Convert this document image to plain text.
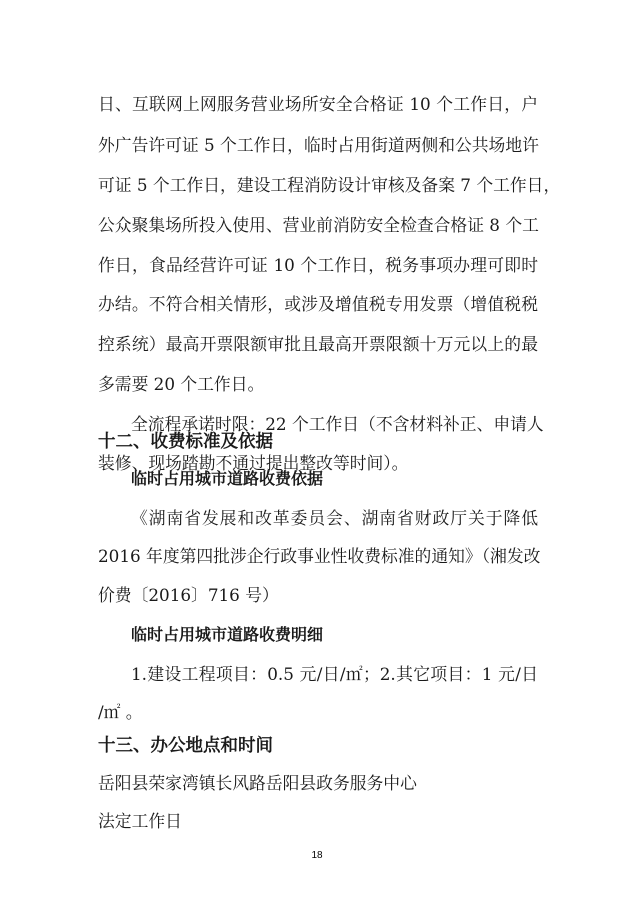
日、互联网上网服务营业场所安全合格证 10 个工作日，户
外广告许可证 5 个工作日，临时占用街道两侧和公共场地许
可证 5 个工作日，建设工程消防设计审核及备案 7 个工作日，
公众聚集场所投入使用、营业前消防安全检查合格证 8 个工
作日，食品经营许可证 10 个工作日，税务事项办理可即时
办结。不符合相关情形，或涉及增值税专用发票（增值税税
控系统）最高开票限额审批且最高开票限额十万元以上的最
多需要 20 个工作日。
全流程承诺时限：22 个工作日（不含材料补正、申请人
装修、现场踏勘不通过提出整改等时间）。
十二、收费标准及依据
临时占用城市道路收费依据
《湖南省发展和改革委员会、湖南省财政厅关于降低
2016 年度第四批涉企行政事业性收费标准的通知》（湘发改
价费〔2016〕716 号）
临时占用城市道路收费明细
1.建设工程项目：0.5 元/日/㎡；2.其它项目：1 元/日
/㎡ 。
十三、办公地点和时间
岳阳县荣家湾镇长风路岳阳县政务服务中心
法定工作日
18
